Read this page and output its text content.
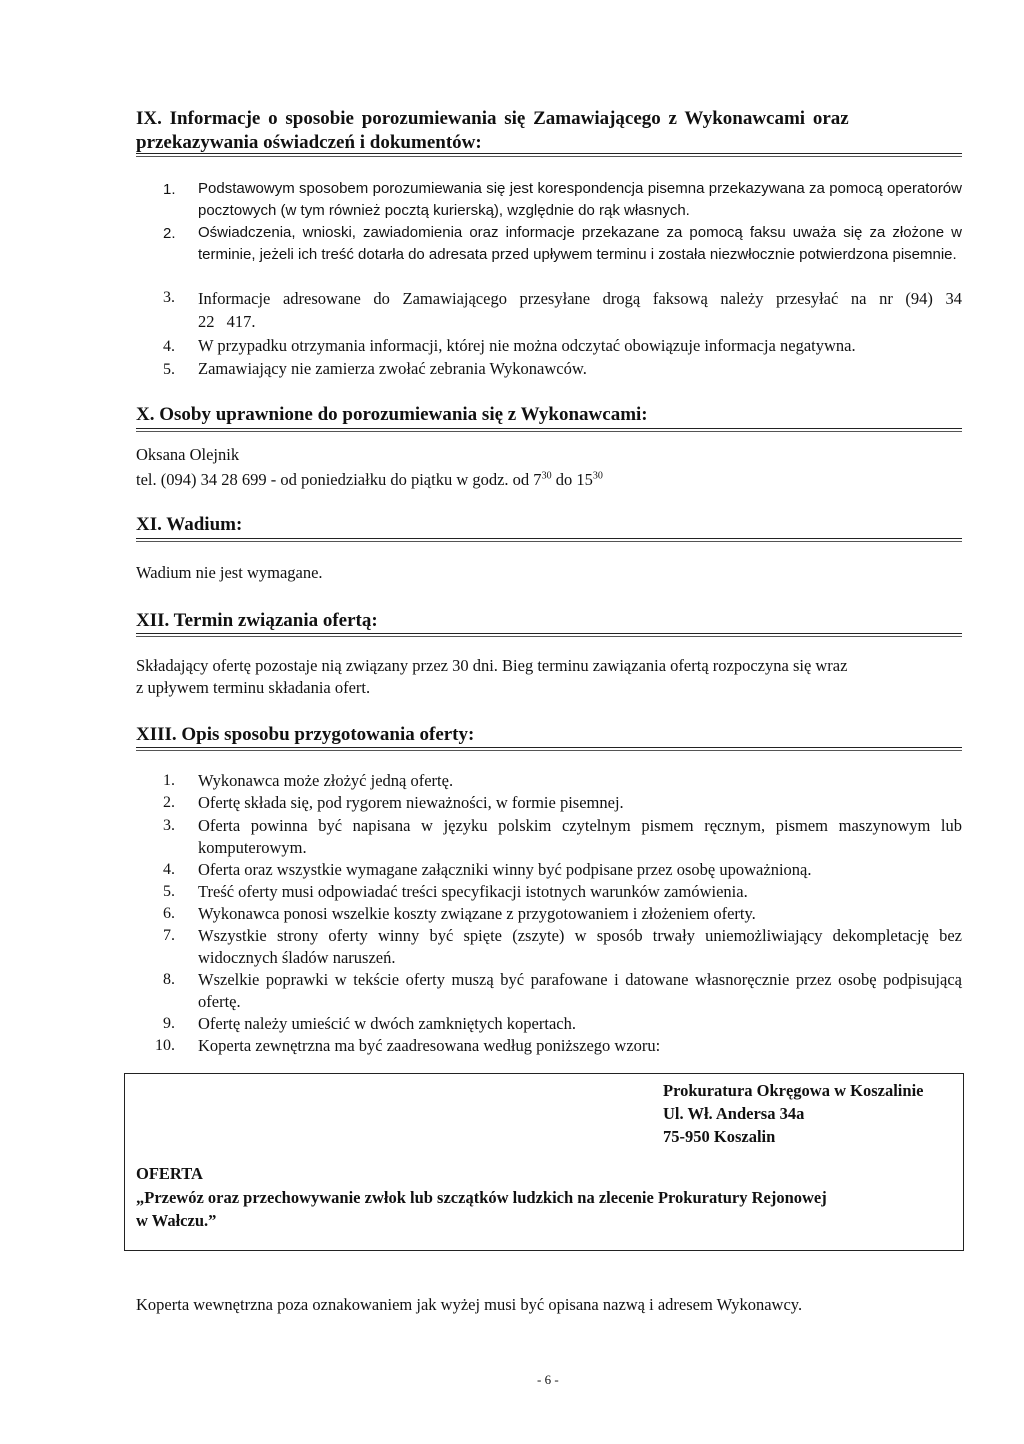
IX. Informacje o sposobie porozumiewania się Zamawiającego z Wykonawcami oraz
przekazywania oświadczeń i dokumentów:
1. Podstawowym sposobem porozumiewania się jest korespondencja pisemna przekazywana za pomocą operatorów pocztowych (w tym również pocztą kurierską), względnie do rąk własnych.
2. Oświadczenia, wnioski, zawiadomienia oraz informacje przekazane za pomocą faksu uważa się za złożone w terminie, jeżeli ich treść dotarła do adresata przed upływem terminu i została niezwłocznie potwierdzona pisemnie.
3. Informacje adresowane do Zamawiającego przesyłane drogą faksową należy przesyłać na nr (94) 34 22 417.
4. W przypadku otrzymania informacji, której nie można odczytać obowiązuje informacja negatywna.
5. Zamawiający nie zamierza zwołać zebrania Wykonawców.
X. Osoby uprawnione do porozumiewania się z Wykonawcami:
Oksana Olejnik
tel. (094) 34 28 699 - od poniedziałku do piątku w godz. od $7^{30}$ do $15^{30}$
XI. Wadium:
Wadium nie jest wymagane.
XII. Termin związania ofertą:
Składający ofertę pozostaje nią związany przez 30 dni. Bieg terminu zawiązania ofertą rozpoczyna się wraz
z upływem terminu składania ofert.
XIII. Opis sposobu przygotowania oferty:
1. Wykonawca może złożyć jedną ofertę.
2. Ofertę składa się, pod rygorem nieważności, w formie pisemnej.
3. Oferta powinna być napisana w języku polskim czytelnym pismem ręcznym, pismem maszynowym lub komputerowym.
4. Oferta oraz wszystkie wymagane załączniki winny być podpisane przez osobę upoważnioną.
5. Treść oferty musi odpowiadać treści specyfikacji istotnych warunków zamówienia.
6. Wykonawca ponosi wszelkie koszty związane z przygotowaniem i złożeniem oferty.
7. Wszystkie strony oferty winny być spięte (zszyte) w sposób trwały uniemożliwiający dekompletację bez widocznych śladów naruszeń.
8. Wszelkie poprawki w tekście oferty muszą być parafowane i datowane własnoręcznie przez osobę podpisującą ofertę.
9. Ofertę należy umieścić w dwóch zamkniętych kopertach.
10. Koperta zewnętrzna ma być zaadresowana według poniższego wzoru:
Prokuratura Okręgowa w Koszalinie
Ul. Wł. Andersa 34a
75-950 Koszalin
OFERTA
„Przewóz oraz przechowywanie zwłok lub szczątków ludzkich na zlecenie Prokuratury Rejonowej
w Wałczu.”
Koperta wewnętrzna poza oznakowaniem jak wyżej musi być opisana nazwą i adresem Wykonawcy.
- 6 -
